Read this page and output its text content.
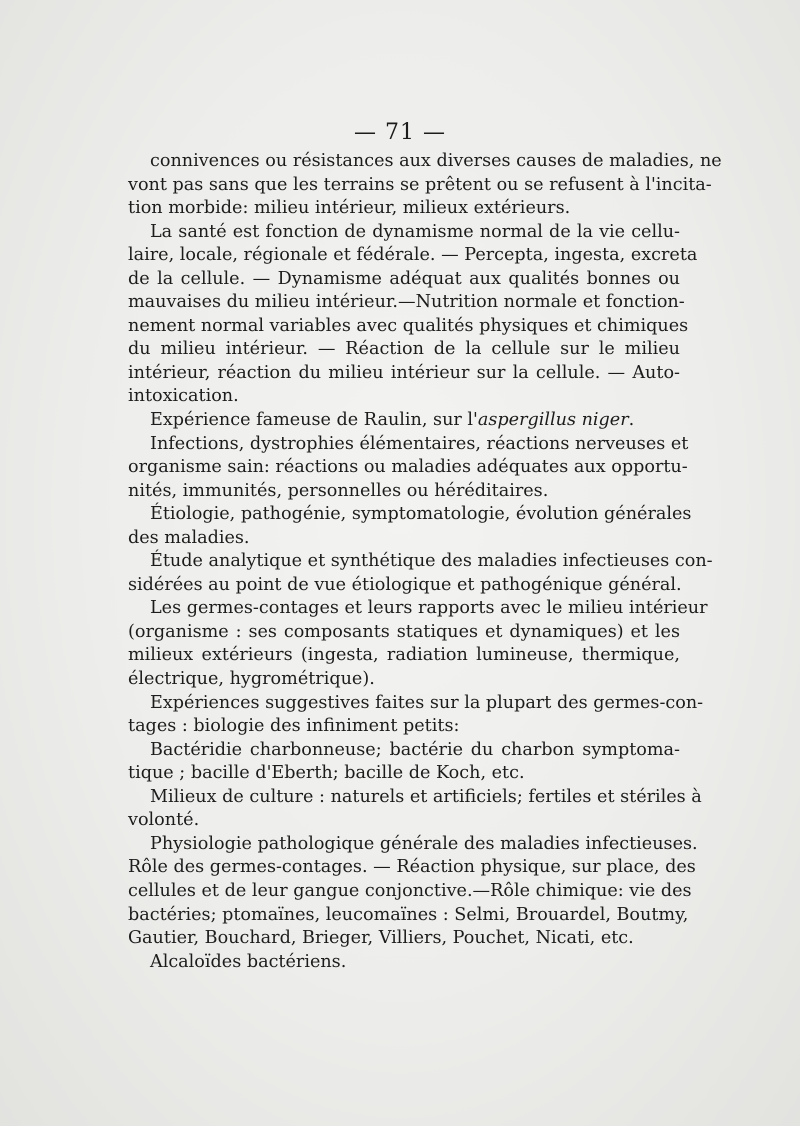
— 71 —

connivences ou résistances aux diverses causes de maladies, ne
vont pas sans que les terrains se prêtent ou se refusent à l'incita-
tion morbide: milieu intérieur, milieux extérieurs.

La santé est fonction de dynamisme normal de la vie cellu-
laire, locale, régionale et fédérale. — Percepta, ingesta, excreta
de la cellule. — Dynamisme adéquat aux qualités bonnes ou
mauvaises du milieu intérieur.—Nutrition normale et fonction-
nement normal variables avec qualités physiques et chimiques
du milieu intérieur. — Réaction de la cellule sur le milieu
intérieur, réaction du milieu intérieur sur la cellule. — Auto-
intoxication.

Expérience fameuse de Raulin, sur l'aspergillus niger.

Infections, dystrophies élémentaires, réactions nerveuses et
organisme sain: réactions ou maladies adéquates aux opportu-
nités, immunités, personnelles ou héréditaires.

Étiologie, pathogénie, symptomatologie, évolution générales
des maladies.

Étude analytique et synthétique des maladies infectieuses con-
sidérées au point de vue étiologique et pathogénique général.

Les germes-contages et leurs rapports avec le milieu intérieur
(organisme : ses composants statiques et dynamiques) et les
milieux extérieurs (ingesta, radiation lumineuse, thermique,
électrique, hygrométrique).

Expériences suggestives faites sur la plupart des germes-con-
tages : biologie des infiniment petits:

Bactéridie charbonneuse; bactérie du charbon symptoma-
tique ; bacille d'Eberth; bacille de Koch, etc.

Milieux de culture : naturels et artificiels; fertiles et stériles à
volonté.

Physiologie pathologique générale des maladies infectieuses.
Rôle des germes-contages. — Réaction physique, sur place, des
cellules et de leur gangue conjonctive.—Rôle chimique: vie des
bactéries; ptomaïnes, leucomaïnes : Selmi, Brouardel, Boutmy,
Gautier, Bouchard, Brieger, Villiers, Pouchet, Nicati, etc.

Alcaloïdes bactériens.
